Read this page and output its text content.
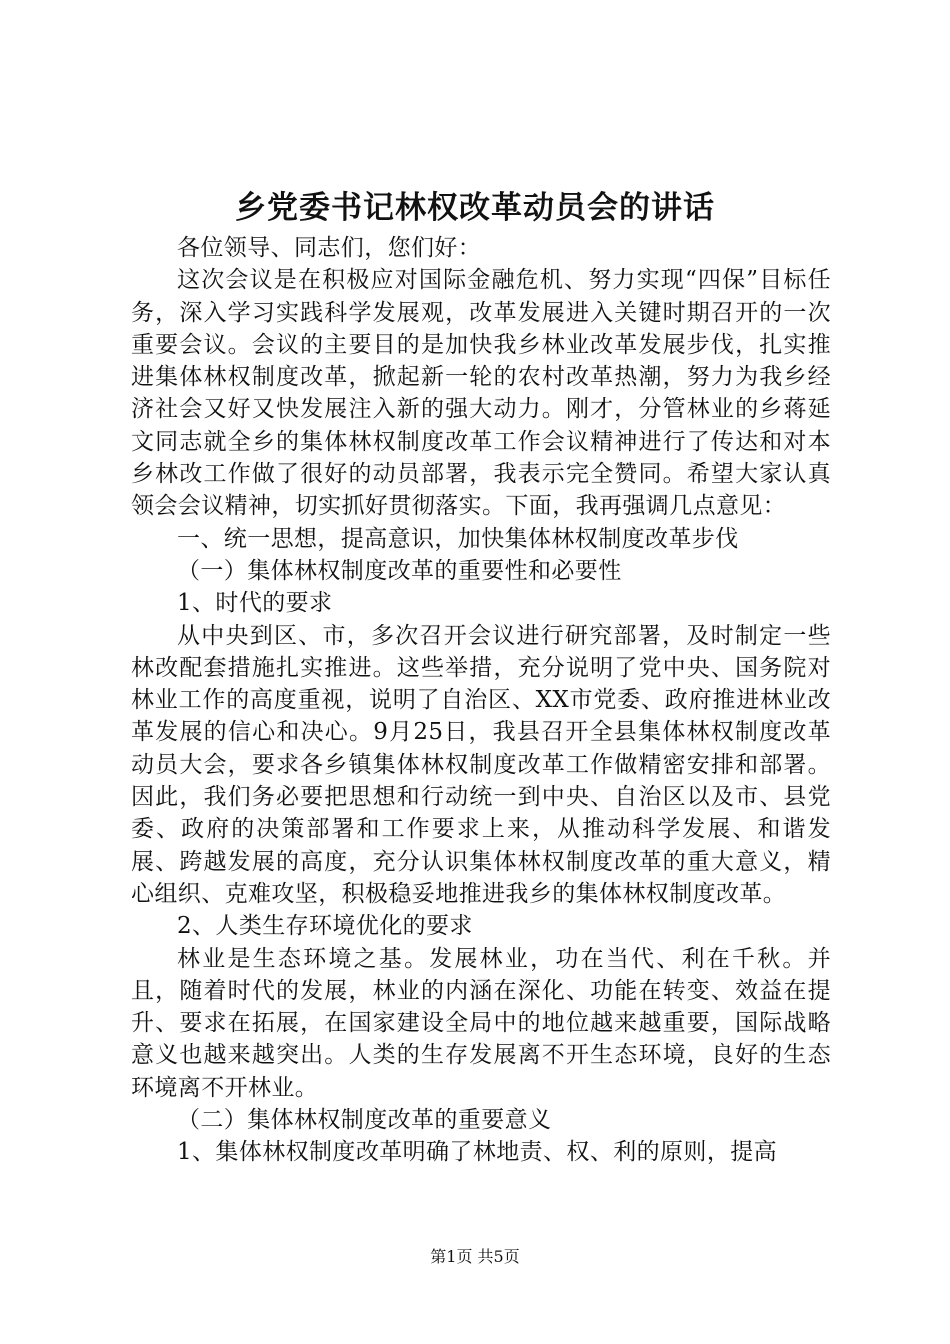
乡党委书记林权改革动员会的讲话

各位领导、同志们，您们好：

这次会议是在积极应对国际金融危机、努力实现“四保”目标任务，深入学习实践科学发展观，改革发展进入关键时期召开的一次重要会议。会议的主要目的是加快我乡林业改革发展步伐，扎实推进集体林权制度改革，掀起新一轮的农村改革热潮，努力为我乡经济社会又好又快发展注入新的强大动力。刚才，分管林业的乡蒋延文同志就全乡的集体林权制度改革工作会议精神进行了传达和对本乡林改工作做了很好的动员部署，我表示完全赞同。希望大家认真领会会议精神，切实抓好贯彻落实。下面，我再强调几点意见：

一、统一思想，提高意识，加快集体林权制度改革步伐

（一）集体林权制度改革的重要性和必要性

1、时代的要求

从中央到区、市，多次召开会议进行研究部署，及时制定一些林改配套措施扎实推进。这些举措，充分说明了党中央、国务院对林业工作的高度重视，说明了自治区、XX市党委、政府推进林业改革发展的信心和决心。9月25日，我县召开全县集体林权制度改革动员大会，要求各乡镇集体林权制度改革工作做精密安排和部署。因此，我们务必要把思想和行动统一到中央、自治区以及市、县党委、政府的决策部署和工作要求上来，从推动科学发展、和谐发展、跨越发展的高度，充分认识集体林权制度改革的重大意义，精心组织、克难攻坚，积极稳妥地推进我乡的集体林权制度改革。

2、人类生存环境优化的要求

林业是生态环境之基。发展林业，功在当代、利在千秋。并且，随着时代的发展，林业的内涵在深化、功能在转变、效益在提升、要求在拓展，在国家建设全局中的地位越来越重要，国际战略意义也越来越突出。人类的生存发展离不开生态环境，良好的生态环境离不开林业。

（二）集体林权制度改革的重要意义

1、集体林权制度改革明确了林地责、权、利的原则，提高

第1页 共5页
